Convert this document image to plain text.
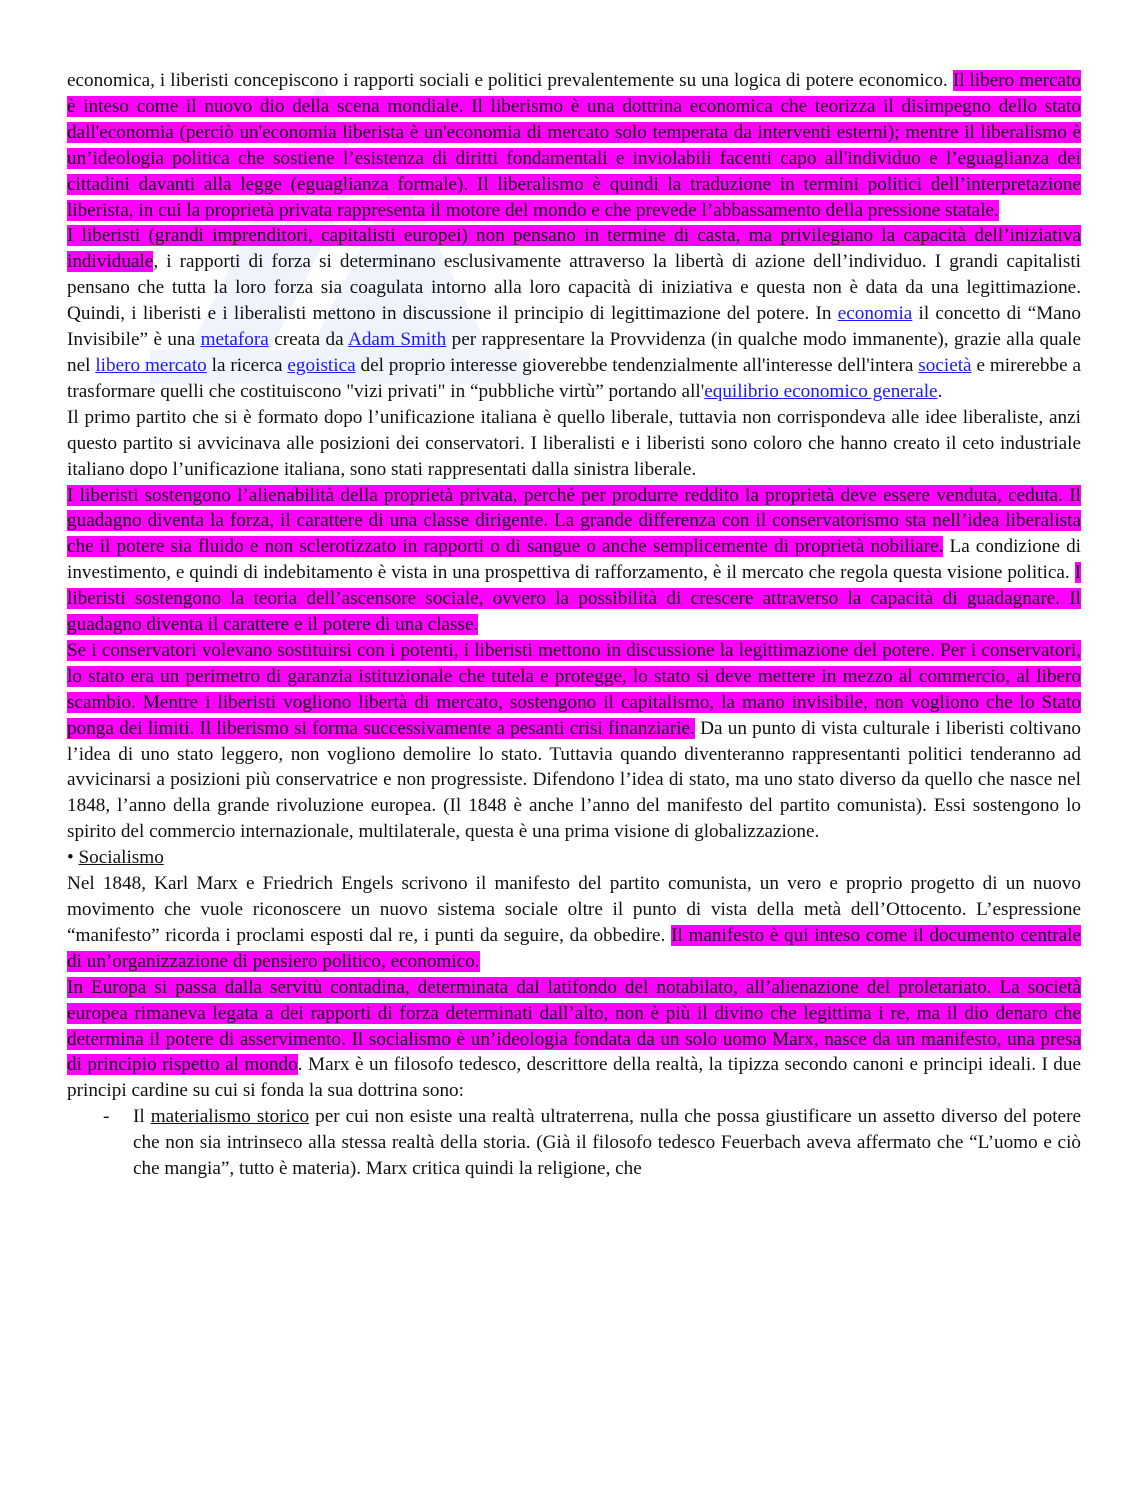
economica, i liberisti concepiscono i rapporti sociali e politici prevalentemente su una logica di potere economico. Il libero mercato è inteso come il nuovo dio della scena mondiale. Il liberismo è una dottrina economica che teorizza il disimpegno dello stato dall'economia (perciò un'economia liberista è un'economia di mercato solo temperata da interventi esterni); mentre il liberalismo è un’ideologia politica che sostiene l’esistenza di diritti fondamentali e inviolabili facenti capo all'individuo e l’eguaglianza dei cittadini davanti alla legge (eguaglianza formale). Il liberalismo è quindi la traduzione in termini politici dell’interpretazione liberista, in cui la proprietà privata rappresenta il motore del mondo e che prevede l’abbassamento della pressione statale.

I liberisti (grandi imprenditori, capitalisti europei) non pensano in termine di casta, ma privilegiano la capacità dell’iniziativa individuale, i rapporti di forza si determinano esclusivamente attraverso la libertà di azione dell’individuo. I grandi capitalisti pensano che tutta la loro forza sia coagulata intorno alla loro capacità di iniziativa e questa non è data da una legittimazione. Quindi, i liberisti e i liberalisti mettono in discussione il principio di legittimazione del potere. In economia il concetto di “Mano Invisibile” è una metafora creata da Adam Smith per rappresentare la Provvidenza (in qualche modo immanente), grazie alla quale nel libero mercato la ricerca egoistica del proprio interesse gioverebbe tendenzialmente all'interesse dell'intera società e mirerebbe a trasformare quelli che costituiscono "vizi privati" in “pubbliche virtù” portando all'equilibrio economico generale.

Il primo partito che si è formato dopo l’unificazione italiana è quello liberale, tuttavia non corrispondeva alle idee liberaliste, anzi questo partito si avvicinava alle posizioni dei conservatori. I liberalisti e i liberisti sono coloro che hanno creato il ceto industriale italiano dopo l’unificazione italiana, sono stati rappresentati dalla sinistra liberale.

I liberisti sostengono l’alienabilità della proprietà privata, perché per produrre reddito la proprietà deve essere venduta, ceduta. Il guadagno diventa la forza, il carattere di una classe dirigente. La grande differenza con il conservatorismo sta nell’idea liberalista che il potere sia fluido e non sclerotizzato in rapporti o di sangue o anche semplicemente di proprietà nobiliare. La condizione di investimento, e quindi di indebitamento è vista in una prospettiva di rafforzamento, è il mercato che regola questa visione politica. I liberisti sostengono la teoria dell’ascensore sociale, ovvero la possibilità di crescere attraverso la capacità di guadagnare. Il guadagno diventa il carattere e il potere di una classe.

Se i conservatori volevano sostituirsi con i potenti, i liberisti mettono in discussione la legittimazione del potere. Per i conservatori, lo stato era un perimetro di garanzia istituzionale che tutela e protegge, lo stato si deve mettere in mezzo al commercio, al libero scambio. Mentre i liberisti vogliono libertà di mercato, sostengono il capitalismo, la mano invisibile, non vogliono che lo Stato ponga dei limiti. Il liberismo si forma successivamente a pesanti crisi finanziarie. Da un punto di vista culturale i liberisti coltivano l’idea di uno stato leggero, non vogliono demolire lo stato. Tuttavia quando diventeranno rappresentanti politici tenderanno ad avvicinarsi a posizioni più conservatrice e non progressiste. Difendono l’idea di stato, ma uno stato diverso da quello che nasce nel 1848, l’anno della grande rivoluzione europea. (Il 1848 è anche l’anno del manifesto del partito comunista). Essi sostengono lo spirito del commercio internazionale, multilaterale, questa è una prima visione di globalizzazione.

• Socialismo

Nel 1848, Karl Marx e Friedrich Engels scrivono il manifesto del partito comunista, un vero e proprio progetto di un nuovo movimento che vuole riconoscere un nuovo sistema sociale oltre il punto di vista della metà dell’Ottocento. L’espressione “manifesto” ricorda i proclami esposti dal re, i punti da seguire, da obbedire. Il manifesto è qui inteso come il documento centrale di un’organizzazione di pensiero politico, economico.

In Europa si passa dalla servitù contadina, determinata dal latifondo del notabilato, all’alienazione del proletariato. La società europea rimaneva legata a dei rapporti di forza determinati dall’alto, non è più il divino che legittima i re, ma il dio denaro che determina il potere di asservimento. Il socialismo è un’ideologia fondata da un solo uomo Marx, nasce da un manifesto, una presa di principio rispetto al mondo. Marx è un filosofo tedesco, descrittore della realtà, la tipizza secondo canoni e principi ideali. I due principi cardine su cui si fonda la sua dottrina sono:

- Il materialismo storico per cui non esiste una realtà ultraterrena, nulla che possa giustificare un assetto diverso del potere che non sia intrinseco alla stessa realtà della storia. (Già il filosofo tedesco Feuerbach aveva affermato che “L’uomo e ciò che mangia”, tutto è materia). Marx critica quindi la religione, che
